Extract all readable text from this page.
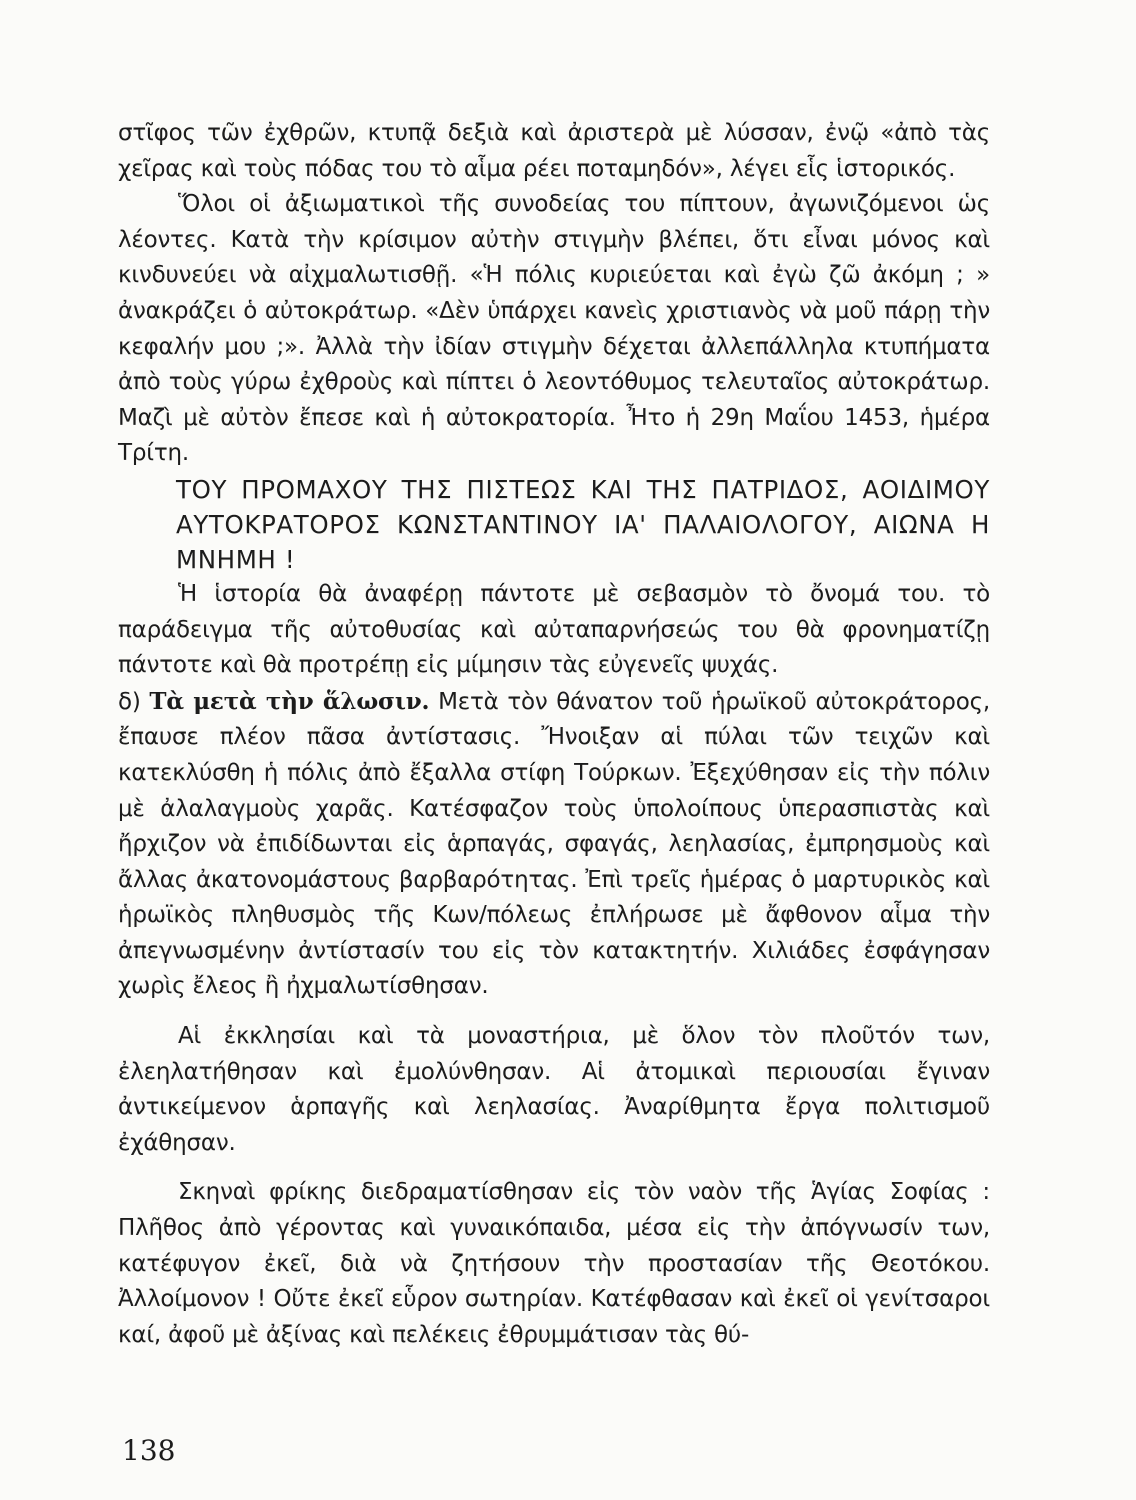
στῖφος τῶν ἐχθρῶν, κτυπᾷ δεξιὰ καὶ ἀριστερὰ μὲ λύσσαν, ἐνῷ «ἀπὸ τὰς χεῖρας καὶ τοὺς πόδας του τὸ αἷμα ρέει ποταμηδόν», λέγει εἷς ἱστορικός.

Ὅλοι οἱ ἀξιωματικοὶ τῆς συνοδείας του πίπτουν, ἀγωνιζόμενοι ὡς λέοντες. Κατὰ τὴν κρίσιμον αὐτὴν στιγμὴν βλέπει, ὅτι εἶναι μόνος καὶ κινδυνεύει νὰ αἰχμαλωτισθῇ. «Ἡ πόλις κυριεύεται καὶ ἐγὼ ζῶ ἀκόμη ; » ἀνακράζει ὁ αὐτοκράτωρ. «Δὲν ὑπάρχει κανεὶς χριστιανὸς νὰ μοῦ πάρῃ τὴν κεφαλήν μου ;». Ἀλλὰ τὴν ἰδίαν στιγμὴν δέχεται ἀλλεπάλληλα κτυπήματα ἀπὸ τοὺς γύρω ἐχθροὺς καὶ πίπτει ὁ λεοντόθυμος τελευταῖος αὐτοκράτωρ. Μαζὶ μὲ αὐτὸν ἔπεσε καὶ ἡ αὐτοκρατορία. Ἦτο ἡ 29η Μαΐου 1453, ἡμέρα Τρίτη.

ΤΟΥ ΠΡΟΜΑΧΟΥ ΤΗΣ ΠΙΣΤΕΩΣ ΚΑΙ ΤΗΣ ΠΑΤΡΙΔΟΣ, ΑΟΙΔΙΜΟΥ ΑΥΤΟΚΡΑΤΟΡΟΣ ΚΩΝΣΤΑΝΤΙΝΟΥ ΙΑ' ΠΑΛΑΙΟΛΟΓΟΥ, ΑΙΩΝΑ Η ΜΝΗΜΗ !

Ἡ ἱστορία θὰ ἀναφέρῃ πάντοτε μὲ σεβασμὸν τὸ ὄνομά του. τὸ παράδειγμα τῆς αὐτοθυσίας καὶ αὐταπαρνήσεώς του θὰ φρονηματίζῃ πάντοτε καὶ θὰ προτρέπῃ εἰς μίμησιν τὰς εὐγενεῖς ψυχάς.

δ) Τὰ μετὰ τὴν ἅλωσιν. Μετὰ τὸν θάνατον τοῦ ἡρωϊκοῦ αὐτοκράτορος, ἔπαυσε πλέον πᾶσα ἀντίστασις. Ἤνοιξαν αἱ πύλαι τῶν τειχῶν καὶ κατεκλύσθη ἡ πόλις ἀπὸ ἔξαλλα στίφη Τούρκων. Ἐξεχύθησαν εἰς τὴν πόλιν μὲ ἀλαλαγμοὺς χαρᾶς. Κατέσφαζον τοὺς ὑπολοίπους ὑπερασπιστὰς καὶ ἤρχιζον νὰ ἐπιδίδωνται εἰς ἁρπαγάς, σφαγάς, λεηλασίας, ἐμπρησμοὺς καὶ ἄλλας ἀκατονομάστους βαρβαρότητας. Ἐπὶ τρεῖς ἡμέρας ὁ μαρτυρικὸς καὶ ἡρωϊκὸς πληθυσμὸς τῆς Κων/πόλεως ἐπλήρωσε μὲ ἄφθονον αἷμα τὴν ἀπεγνωσμένην ἀντίστασίν του εἰς τὸν κατακτητήν. Χιλιάδες ἐσφάγησαν χωρὶς ἔλεος ἢ ἠχμαλωτίσθησαν.

Αἱ ἐκκλησίαι καὶ τὰ μοναστήρια, μὲ ὅλον τὸν πλοῦτόν των, ἐλεηλατήθησαν καὶ ἐμολύνθησαν. Αἱ ἀτομικαὶ περιουσίαι ἔγιναν ἀντικείμενον ἁρπαγῆς καὶ λεηλασίας. Ἀναρίθμητα ἔργα πολιτισμοῦ ἐχάθησαν.

Σκηναὶ φρίκης διεδραματίσθησαν εἰς τὸν ναὸν τῆς Ἁγίας Σοφίας : Πλῆθος ἀπὸ γέροντας καὶ γυναικόπαιδα, μέσα εἰς τὴν ἀπόγνωσίν των, κατέφυγον ἐκεῖ, διὰ νὰ ζητήσουν τὴν προστασίαν τῆς Θεοτόκου. Ἀλλοίμονον ! Οὔτε ἐκεῖ εὗρον σωτηρίαν. Κατέφθασαν καὶ ἐκεῖ οἱ γενίτσαροι καί, ἀφοῦ μὲ ἀξίνας καὶ πελέκεις ἐθρυμμάτισαν τὰς θύ-

138
